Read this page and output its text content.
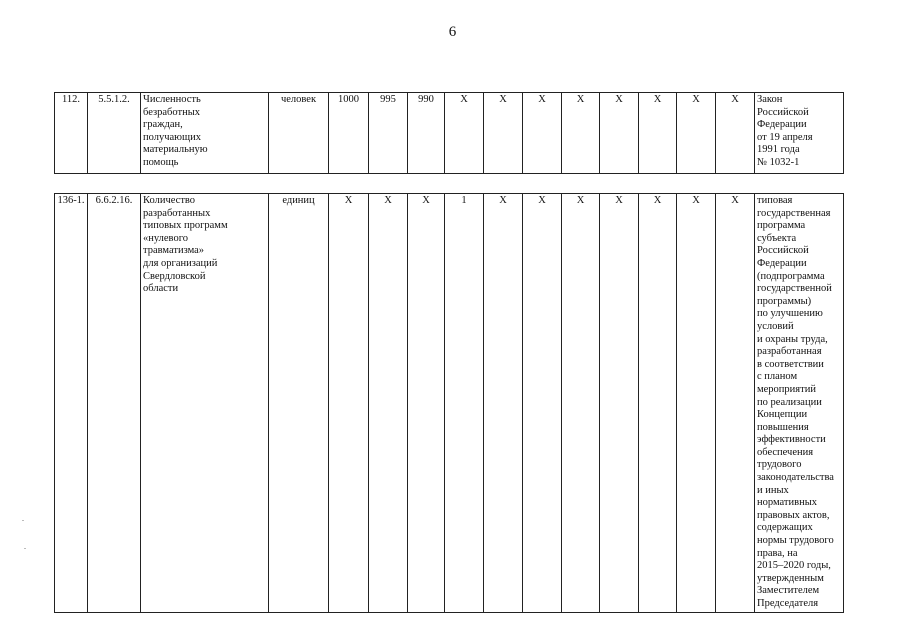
6
112.	5.5.1.2.	Численность
безработных
граждан,
получающих
материальную
помощь
	человек	1000	995	990	X	X	X	X	X	X	X	X	Закон
Российской
Федерации
от 19 апреля
1991 года
№ 1032-1
136-1.	6.6.2.16.	Количество
разработанных
типовых программ
«нулевого
травматизма»
для организаций
Свердловской
области
	единиц	X	X	X	1	X	X	X	X	X	X	X	типовая
государственная
программа
субъекта
Российской
Федерации
(подпрограмма
государственной
программы)
по улучшению
условий
и охраны труда,
разработанная
в соответствии
с планом
мероприятий
по реализации
Концепции
повышения
эффективности
обеспечения
трудового
законодательства
и иных
нормативных
правовых актов,
содержащих
нормы трудового
права, на
2015–2020 годы,
утвержденным
Заместителем
Председателя
